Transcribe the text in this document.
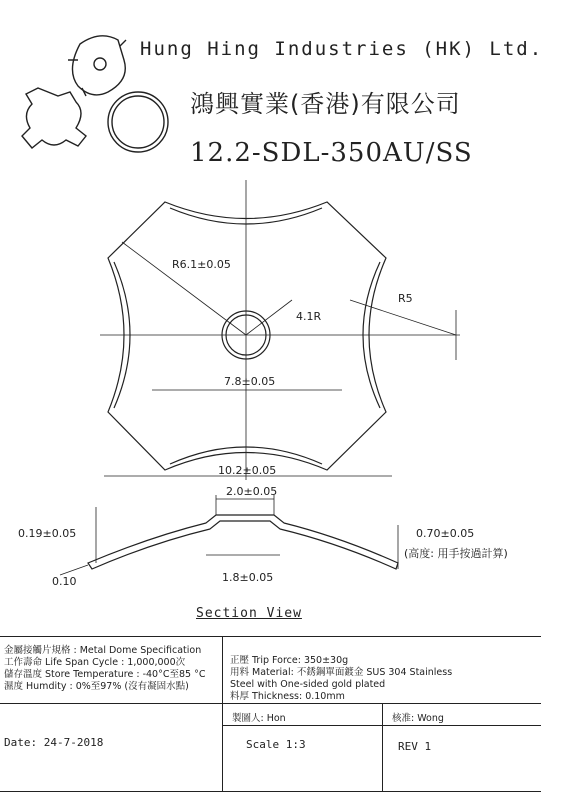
Hung Hing Industries (HK) Ltd.
鴻興實業(香港)有限公司
12.2-SDL-350AU/SS
R6.1±0.05
4.1R
R5
7.8±0.05
10.2±0.05
2.0±0.05
0.19±0.05
0.10
0.70±0.05
(高度: 用手按過計算)
1.8±0.05
Section View
金屬接觸片規格 : Metal Dome Specification
工作壽命 Life Span Cycle : 1,000,000次
儲存溫度 Store Temperature : -40°C至85 °C
濕度 Humdity : 0%至97% (沒有凝固水點)
正壓 Trip Force: 350±30g
用料 Material: 不銹鋼單面鍍金 SUS 304 Stainless
Steel with One-sided gold plated
料厚 Thickness: 0.10mm
製圖人: Hon	核准: Wong
Date: 24-7-2018	Scale 1:3	REV 1
